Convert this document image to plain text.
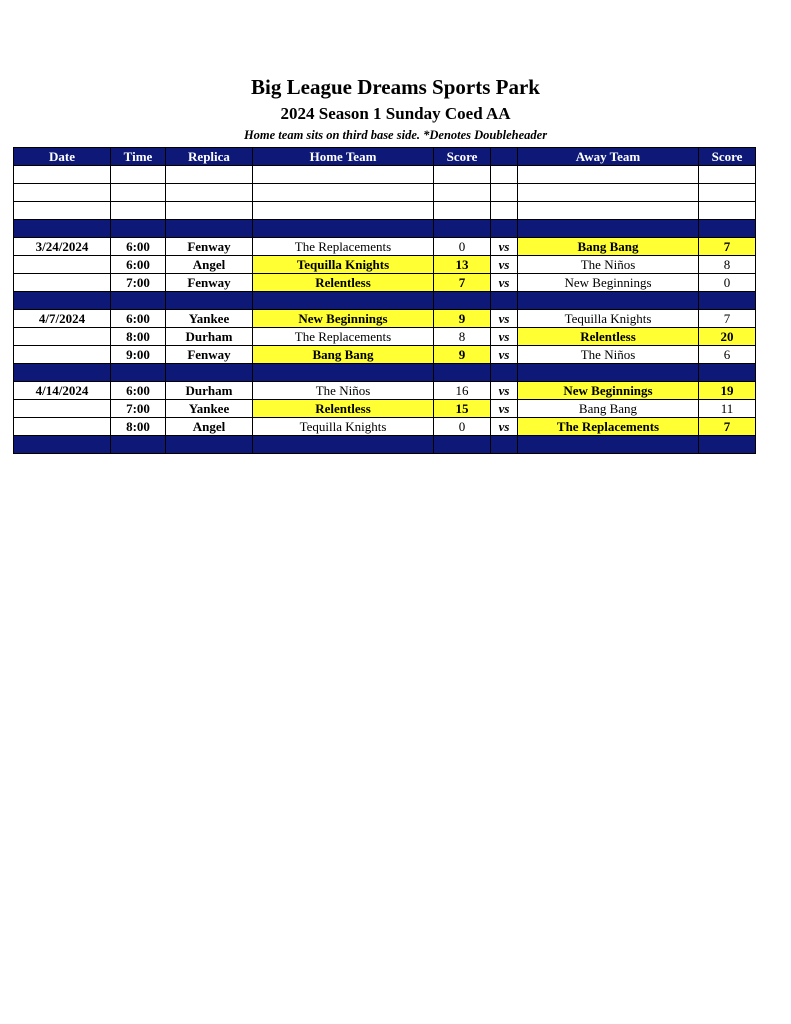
Big League Dreams Sports Park
2024 Season 1 Sunday Coed AA
Home team sits on third base side. *Denotes Doubleheader
Date	Time	Replica	Home Team	Score		Away Team	Score

3/24/2024	6:00	Fenway	The Replacements	0	vs	Bang Bang	7
	6:00	Angel	Tequilla Knights	13	vs	The Niños	8
	7:00	Fenway	Relentless	7	vs	New Beginnings	0

4/7/2024	6:00	Yankee	New Beginnings	9	vs	Tequilla Knights	7
	8:00	Durham	The Replacements	8	vs	Relentless	20
	9:00	Fenway	Bang Bang	9	vs	The Niños	6

4/14/2024	6:00	Durham	The Niños	16	vs	New Beginnings	19
	7:00	Yankee	Relentless	15	vs	Bang Bang	11
	8:00	Angel	Tequilla Knights	0	vs	The Replacements	7
